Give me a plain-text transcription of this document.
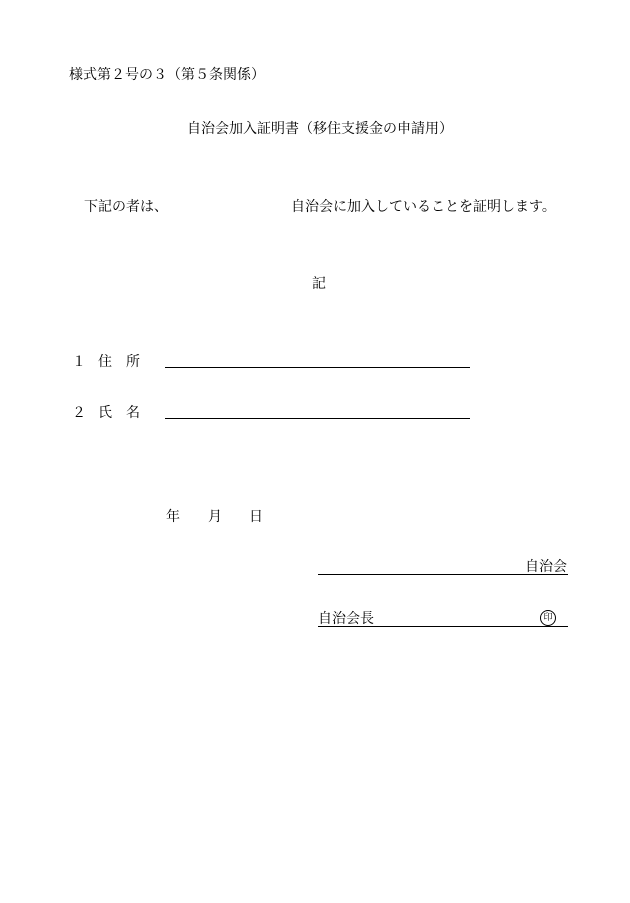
様式第２号の３（第５条関係）
自治会加入証明書（移住支援金の申請用）
下記の者は、	自治会に加入していることを証明します。
記
１ 住所
２ 氏名
年 月 日
自治会
自治会長	印
